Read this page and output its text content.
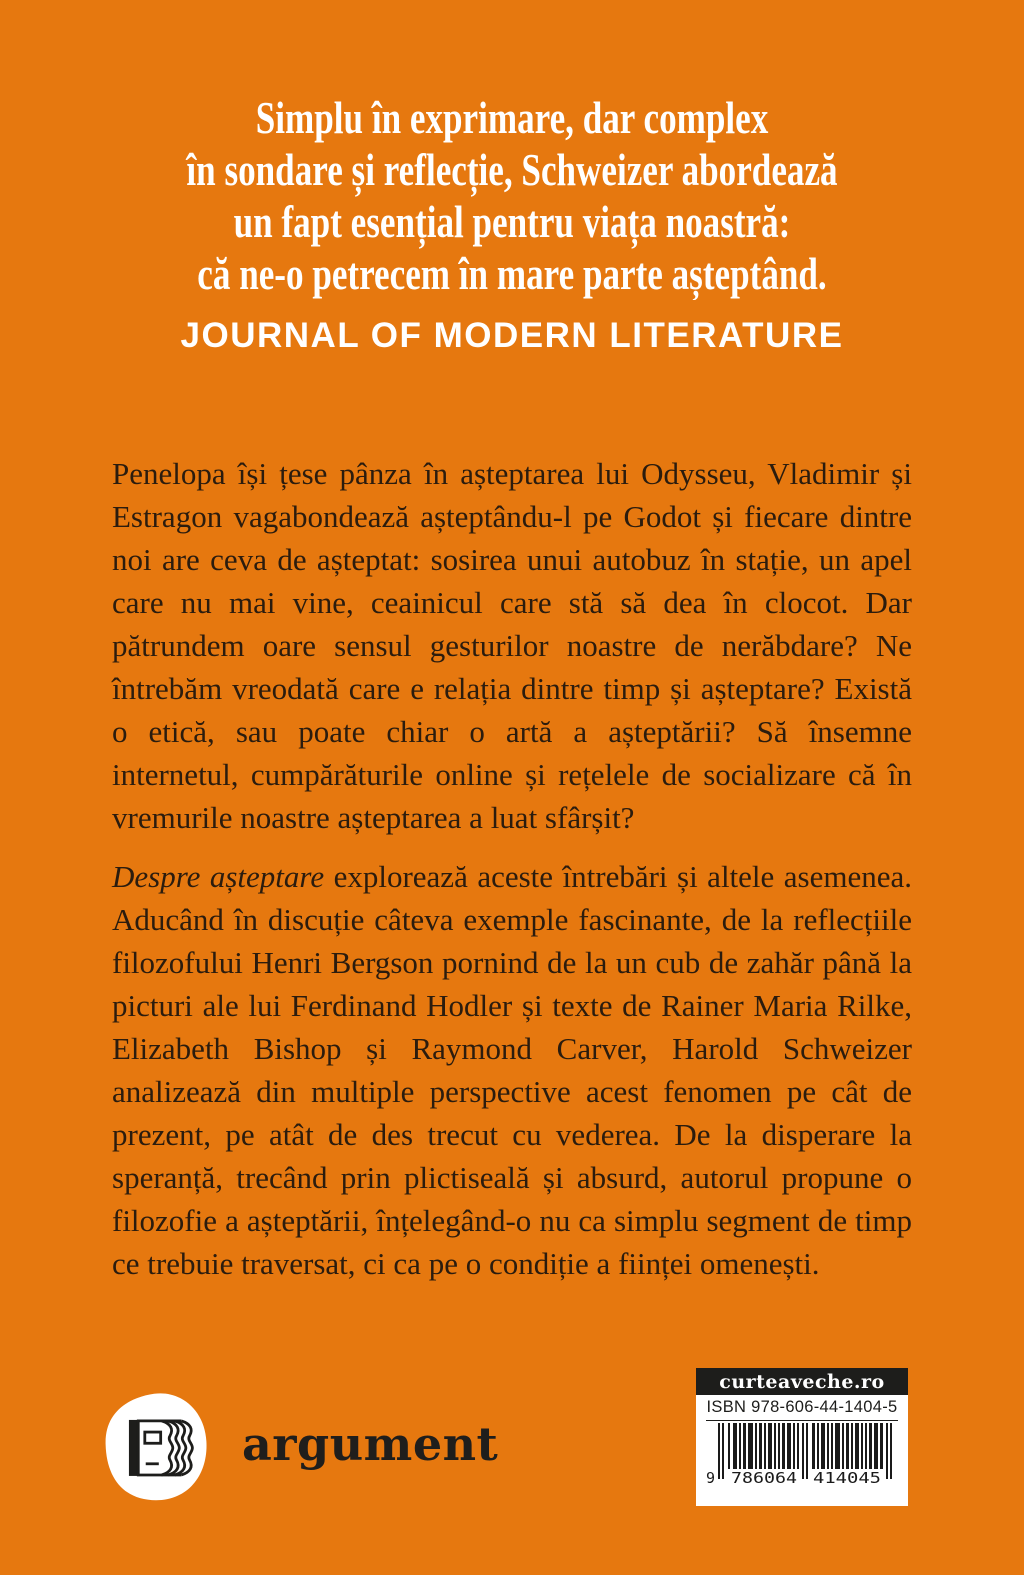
Simplu în exprimare, dar complex
în sondare și reflecție, Schweizer abordează
un fapt esențial pentru viața noastră:
că ne-o petrecem în mare parte așteptând.
JOURNAL OF MODERN LITERATURE

Penelopa își țese pânza în așteptarea lui Odysseu, Vladimir și Estragon vagabondează așteptându-l pe Godot și fiecare dintre noi are ceva de așteptat: sosirea unui autobuz în stație, un apel care nu mai vine, ceainicul care stă să dea în clocot. Dar pătrundem oare sensul gesturilor noastre de nerăbdare? Ne întrebăm vreodată care e relația dintre timp și așteptare? Există o etică, sau poate chiar o artă a așteptării? Să însemne internetul, cumpărăturile online și rețelele de socializare că în vremurile noastre așteptarea a luat sfârșit?

Despre așteptare explorează aceste întrebări și altele asemenea. Aducând în discuție câteva exemple fascinante, de la reflecțiile filozofului Henri Bergson pornind de la un cub de zahăr până la picturi ale lui Ferdinand Hodler și texte de Rainer Maria Rilke, Elizabeth Bishop și Raymond Carver, Harold Schweizer analizează din multiple perspective acest fenomen pe cât de prezent, pe atât de des trecut cu vederea. De la disperare la speranță, trecând prin plictiseală și absurd, autorul propune o filozofie a așteptării, înțelegând-o nu ca simplu segment de timp ce trebuie traversat, ci ca pe o condiție a ființei omenești.

argument
curteaveche.ro
ISBN 978-606-44-1404-5
9 786064 414045
